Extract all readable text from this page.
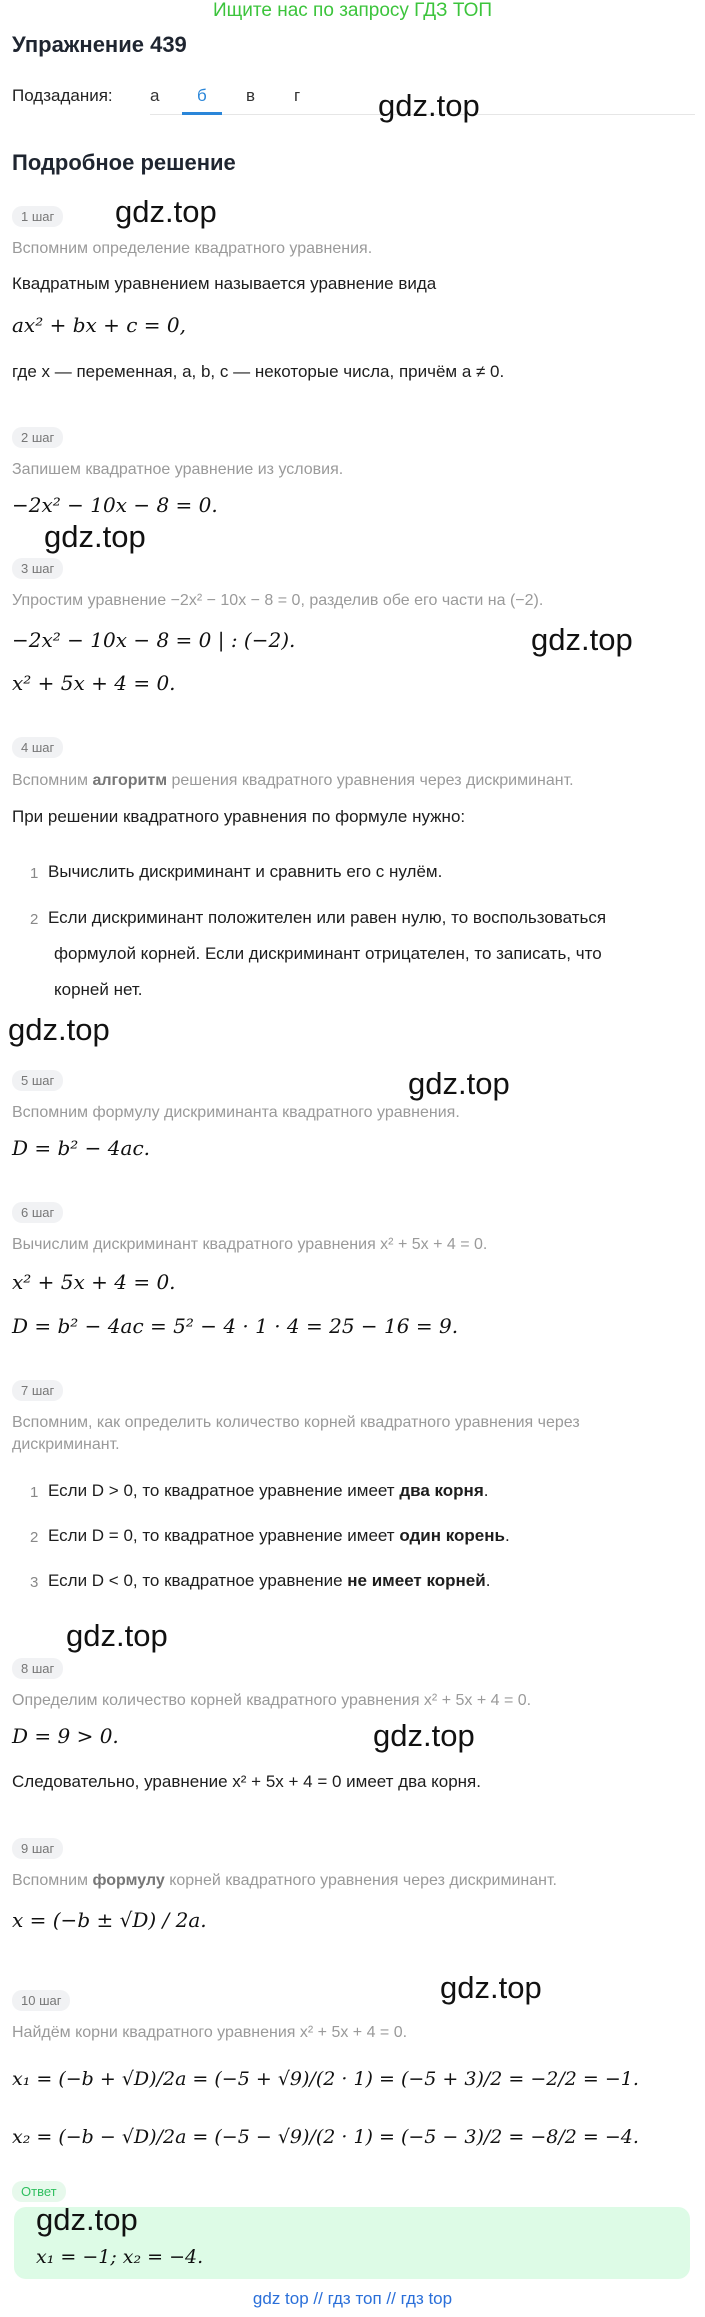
Ищите нас по запросу ГДЗ ТОП
Упражнение 439
Подзадания: а б в г	gdz.top
Подробное решение
1 шаг gdz.top
Вспомним определение квадратного уравнения.
Квадратным уравнением называется уравнение вида
ax² + bx + c = 0,
где x — переменная, a, b, c — некоторые числа, причём a ≠ 0.
2 шаг
Запишем квадратное уравнение из условия.
−2x² − 10x − 8 = 0.
gdz.top
3 шаг
Упростим уравнение −2x² − 10x − 8 = 0, разделив обе его части на (−2).
gdz.top
−2x² − 10x − 8 = 0 | : (−2).
x² + 5x + 4 = 0.
4 шаг
Вспомним алгоритм решения квадратного уравнения через дискриминант.
При решении квадратного уравнения по формуле нужно:
1 Вычислить дискриминант и сравнить его с нулём.
2 Если дискриминант положителен или равен нулю, то воспользоваться
формулой корней. Если дискриминант отрицателен, то записать, что
корней нет.
gdz.top
5 шаг	gdz.top
Вспомним формулу дискриминанта квадратного уравнения.
D = b² − 4ac.
6 шаг
Вычислим дискриминант квадратного уравнения x² + 5x + 4 = 0.
x² + 5x + 4 = 0.
D = b² − 4ac = 5² − 4 · 1 · 4 = 25 − 16 = 9.
7 шаг
Вспомним, как определить количество корней квадратного уравнения через
дискриминант.
1 Если D > 0, то квадратное уравнение имеет два корня.
2 Если D = 0, то квадратное уравнение имеет один корень.
3 Если D < 0, то квадратное уравнение не имеет корней.
gdz.top
8 шаг
Определим количество корней квадратного уравнения x² + 5x + 4 = 0.
gdz.top
D = 9 > 0.
Следовательно, уравнение x² + 5x + 4 = 0 имеет два корня.
9 шаг
Вспомним формулу корней квадратного уравнения через дискриминант.
x = (−b ± √D) / 2a.
gdz.top
10 шаг
Найдём корни квадратного уравнения x² + 5x + 4 = 0.
x₁ = (−b + √D)/2a = (−5 + √9)/(2 · 1) = (−5 + 3)/2 = −2/2 = −1.
x₂ = (−b − √D)/2a = (−5 − √9)/(2 · 1) = (−5 − 3)/2 = −8/2 = −4.
Ответ
gdz.top
x₁ = −1; x₂ = −4.
gdz top // гдз топ // гдз top
